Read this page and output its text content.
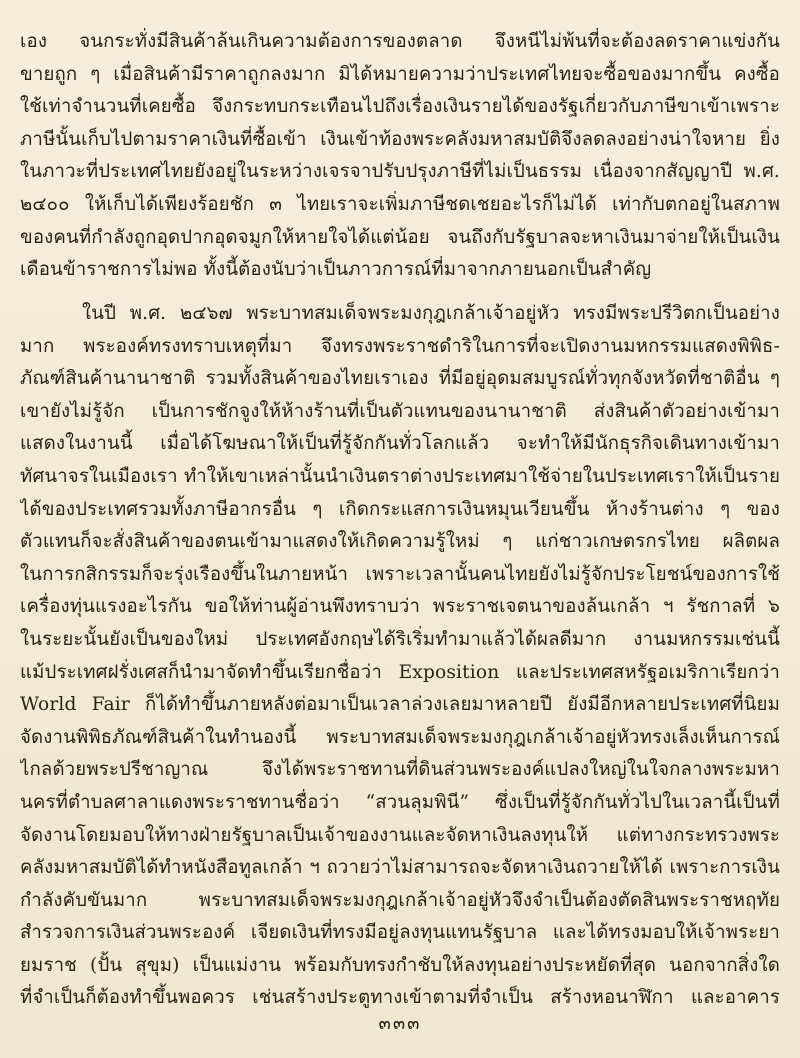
เอง จนกระทั่งมีสินค้าล้นเกินความต้องการของตลาด จึงหนีไม่พ้นที่จะต้องลดราคาแข่งกัน
ขายถูก ๆ เมื่อสินค้ามีราคาถูกลงมาก มิได้หมายความว่าประเทศไทยจะซื้อของมากขึ้น คงซื้อ
ใช้เท่าจำนวนที่เคยซื้อ จึงกระทบกระเทือนไปถึงเรื่องเงินรายได้ของรัฐเกี่ยวกับภาษีขาเข้าเพราะ
ภาษีนั้นเก็บไปตามราคาเงินที่ซื้อเข้า เงินเข้าท้องพระคลังมหาสมบัติจึงลดลงอย่างน่าใจหาย ยิ่ง
ในภาวะที่ประเทศไทยยังอยู่ในระหว่างเจรจาปรับปรุงภาษีที่ไม่เป็นธรรม เนื่องจากสัญญาปี พ.ศ.
๒๔๐๐ ให้เก็บได้เพียงร้อยชัก ๓ ไทยเราจะเพิ่มภาษีชดเชยอะไรก็ไม่ได้ เท่ากับตกอยู่ในสภาพ
ของคนที่กำลังถูกอุดปากอุดจมูกให้หายใจได้แต่น้อย จนถึงกับรัฐบาลจะหาเงินมาจ่ายให้เป็นเงิน
เดือนข้าราชการไม่พอ ทั้งนี้ต้องนับว่าเป็นภาวการณ์ที่มาจากภายนอกเป็นสำคัญ
ในปี พ.ศ. ๒๔๖๗ พระบาทสมเด็จพระมงกุฎเกล้าเจ้าอยู่หัว ทรงมีพระปรีวิตกเป็นอย่าง
มาก พระองค์ทรงทราบเหตุที่มา จึงทรงพระราชดำริในการที่จะเปิดงานมหกรรมแสดงพิพิธ-
ภัณฑ์สินค้านานาชาติ รวมทั้งสินค้าของไทยเราเอง ที่มีอยู่อุดมสมบูรณ์ทั่วทุกจังหวัดที่ชาติอื่น ๆ
เขายังไม่รู้จัก เป็นการชักจูงให้ห้างร้านที่เป็นตัวแทนของนานาชาติ ส่งสินค้าตัวอย่างเข้ามา
แสดงในงานนี้ เมื่อได้โฆษณาให้เป็นที่รู้จักกันทั่วโลกแล้ว จะทำให้มีนักธุรกิจเดินทางเข้ามา
ทัศนาจรในเมืองเรา ทำให้เขาเหล่านั้นนำเงินตราต่างประเทศมาใช้จ่ายในประเทศเราให้เป็นราย
ได้ของประเทศรวมทั้งภาษีอากรอื่น ๆ เกิดกระแสการเงินหมุนเวียนขึ้น ห้างร้านต่าง ๆ ของ
ตัวแทนก็จะสั่งสินค้าของตนเข้ามาแสดงให้เกิดความรู้ใหม่ ๆ แก่ชาวเกษตรกรไทย ผลิตผล
ในการกสิกรรมก็จะรุ่งเรืองขึ้นในภายหน้า เพราะเวลานั้นคนไทยยังไม่รู้จักประโยชน์ของการใช้
เครื่องทุ่นแรงอะไรกัน ขอให้ท่านผู้อ่านพึงทราบว่า พระราชเจตนาของล้นเกล้า ฯ รัชกาลที่ ๖
ในระยะนั้นยังเป็นของใหม่ ประเทศอังกฤษได้ริเริ่มทำมาแล้วได้ผลดีมาก งานมหกรรมเช่นนี้
แม้ประเทศฝรั่งเศสก็นำมาจัดทำขึ้นเรียกชื่อว่า Exposition และประเทศสหรัฐอเมริกาเรียกว่า
World Fair ก็ได้ทำขึ้นภายหลังต่อมาเป็นเวลาล่วงเลยมาหลายปี ยังมีอีกหลายประเทศที่นิยม
จัดงานพิพิธภัณฑ์สินค้าในทำนองนี้ พระบาทสมเด็จพระมงกุฎเกล้าเจ้าอยู่หัวทรงเล็งเห็นการณ์
ไกลด้วยพระปรีชาญาณ จึงได้พระราชทานที่ดินส่วนพระองค์แปลงใหญ่ในใจกลางพระมหา
นครที่ตำบลศาลาแดงพระราชทานชื่อว่า “สวนลุมพินี” ซึ่งเป็นที่รู้จักกันทั่วไปในเวลานี้เป็นที่
จัดงานโดยมอบให้ทางฝ่ายรัฐบาลเป็นเจ้าของงานและจัดหาเงินลงทุนให้ แต่ทางกระทรวงพระ
คลังมหาสมบัติได้ทำหนังสือทูลเกล้า ฯ ถวายว่าไม่สามารถจะจัดหาเงินถวายให้ได้ เพราะการเงิน
กำลังคับขันมาก พระบาทสมเด็จพระมงกุฎเกล้าเจ้าอยู่หัวจึงจำเป็นต้องตัดสินพระราชหฤทัย
สำรวจการเงินส่วนพระองค์ เจียดเงินที่ทรงมีอยู่ลงทุนแทนรัฐบาล และได้ทรงมอบให้เจ้าพระยา
ยมราช (ปั้น สุขุม) เป็นแม่งาน พร้อมกับทรงกำชับให้ลงทุนอย่างประหยัดที่สุด นอกจากสิ่งใด
ที่จำเป็นก็ต้องทำขึ้นพอควร เช่นสร้างประตูทางเข้าตามที่จำเป็น สร้างหอนาฬิกา และอาคาร
๓๓๓
